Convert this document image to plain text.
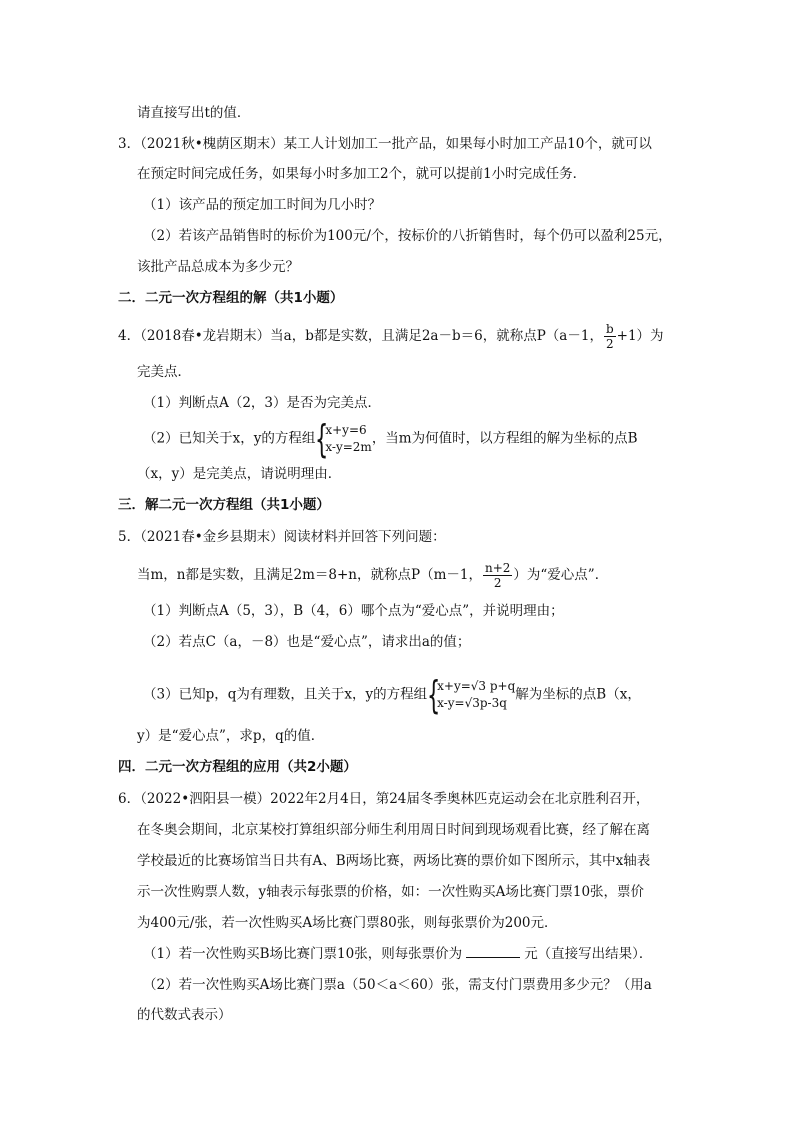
请直接写出t的值．
3．（2021秋•槐荫区期末）某工人计划加工一批产品，如果每小时加工产品10个，就可以
在预定时间完成任务，如果每小时多加工2个，就可以提前1小时完成任务．
（1）该产品的预定加工时间为几小时？
（2）若该产品销售时的标价为100元/个，按标价的八折销售时，每个仍可以盈利25元，
该批产品总成本为多少元？
二．二元一次方程组的解（共1小题）
4．（2018春•龙岩期末）当a，b都是实数，且满足2a－b＝6，就称点P（a－1， $\frac{b}{2} +1$）为
完美点．
（1）判断点A（2，3）是否为完美点．
（2）已知关于x，y的方程组 {
x+y=6
x-y=2m
，当m为何值时，以方程组的解为坐标的点B
（x，y）是完美点，请说明理由．
三．解二元一次方程组（共1小题）
5．（2021春•金乡县期末）阅读材料并回答下列问题：
当m，n都是实数，且满足2m＝8+n，就称点P（m－1， $\frac{n+2}{2}$ ）为“爱心点”．
（1）判断点A（5，3），B（4，6）哪个点为“爱心点”，并说明理由；
（2）若点C（a，－8）也是“爱心点”，请求出a的值；
（3）已知p，q为有理数，且关于x，y的方程组 {
x+y=√3 p+q
x-y=√3p-3q
解为坐标的点B（x，
y）是“爱心点”，求p，q的值．
四．二元一次方程组的应用（共2小题）
6．（2022•泗阳县一模）2022年2月4日，第24届冬季奥林匹克运动会在北京胜利召开，
在冬奥会期间，北京某校打算组织部分师生利用周日时间到现场观看比赛，经了解在离
学校最近的比赛场馆当日共有A、B两场比赛，两场比赛的票价如下图所示，其中x轴表
示一次性购票人数，y轴表示每张票的价格，如：一次性购买A场比赛门票10张，票价
为400元/张，若一次性购买A场比赛门票80张，则每张票价为200元．
（1）若一次性购买B场比赛门票10张，则每张票价为	元（直接写出结果）．
（2）若一次性购买A场比赛门票a（50＜a＜60）张，需支付门票费用多少元？（用a
的代数式表示）
